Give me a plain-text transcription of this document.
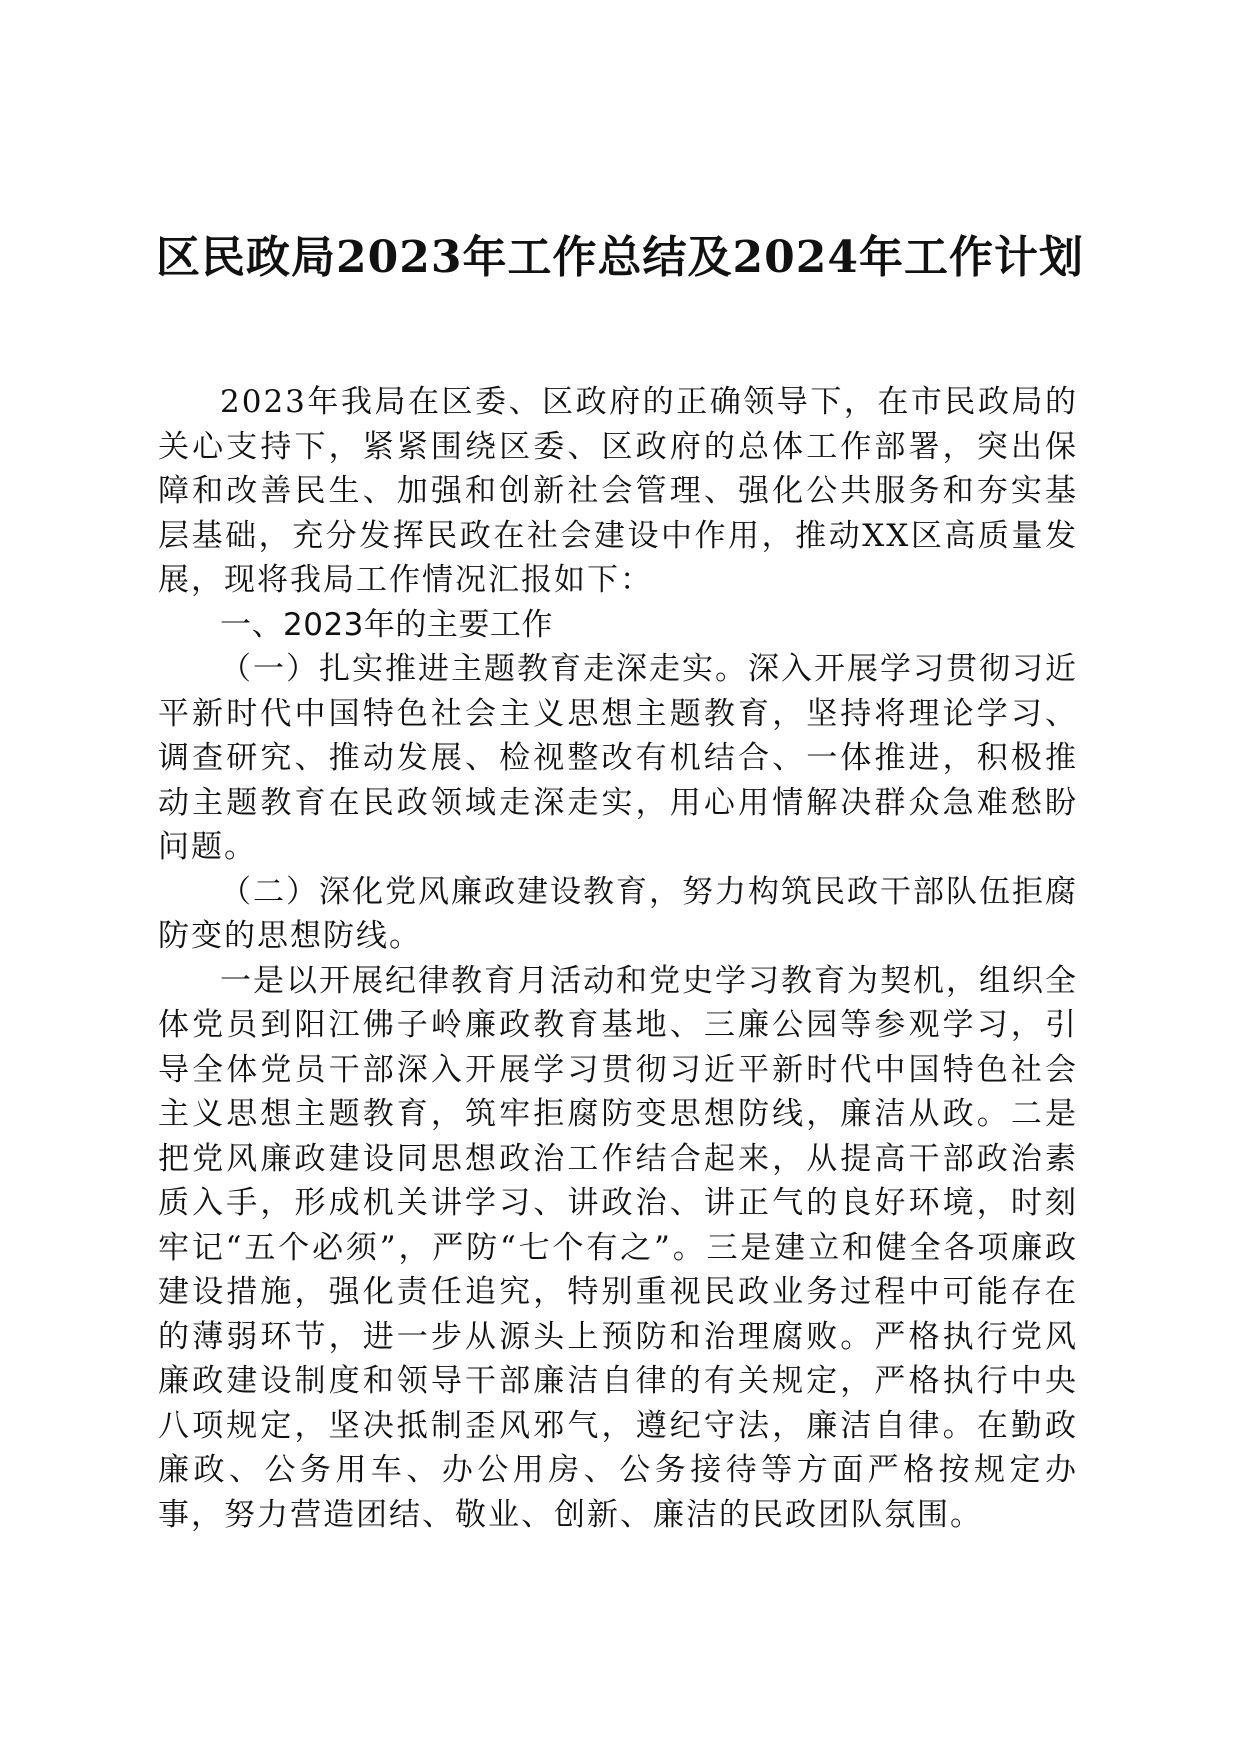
区民政局2023年工作总结及2024年工作计划

2023年我局在区委、区政府的正确领导下，在市民政局的关心支持下，紧紧围绕区委、区政府的总体工作部署，突出保障和改善民生、加强和创新社会管理、强化公共服务和夯实基层基础，充分发挥民政在社会建设中作用，推动XX区高质量发展，现将我局工作情况汇报如下：

一、2023年的主要工作

（一）扎实推进主题教育走深走实。深入开展学习贯彻习近平新时代中国特色社会主义思想主题教育，坚持将理论学习、调查研究、推动发展、检视整改有机结合、一体推进，积极推动主题教育在民政领域走深走实，用心用情解决群众急难愁盼问题。

（二）深化党风廉政建设教育，努力构筑民政干部队伍拒腐防变的思想防线。

一是以开展纪律教育月活动和党史学习教育为契机，组织全体党员到阳江佛子岭廉政教育基地、三廉公园等参观学习，引导全体党员干部深入开展学习贯彻习近平新时代中国特色社会主义思想主题教育，筑牢拒腐防变思想防线，廉洁从政。二是把党风廉政建设同思想政治工作结合起来，从提高干部政治素质入手，形成机关讲学习、讲政治、讲正气的良好环境，时刻牢记“五个必须”，严防“七个有之”。三是建立和健全各项廉政建设措施，强化责任追究，特别重视民政业务过程中可能存在的薄弱环节，进一步从源头上预防和治理腐败。严格执行党风廉政建设制度和领导干部廉洁自律的有关规定，严格执行中央八项规定，坚决抵制歪风邪气，遵纪守法，廉洁自律。在勤政廉政、公务用车、办公用房、公务接待等方面严格按规定办事，努力营造团结、敬业、创新、廉洁的民政团队氛围。
